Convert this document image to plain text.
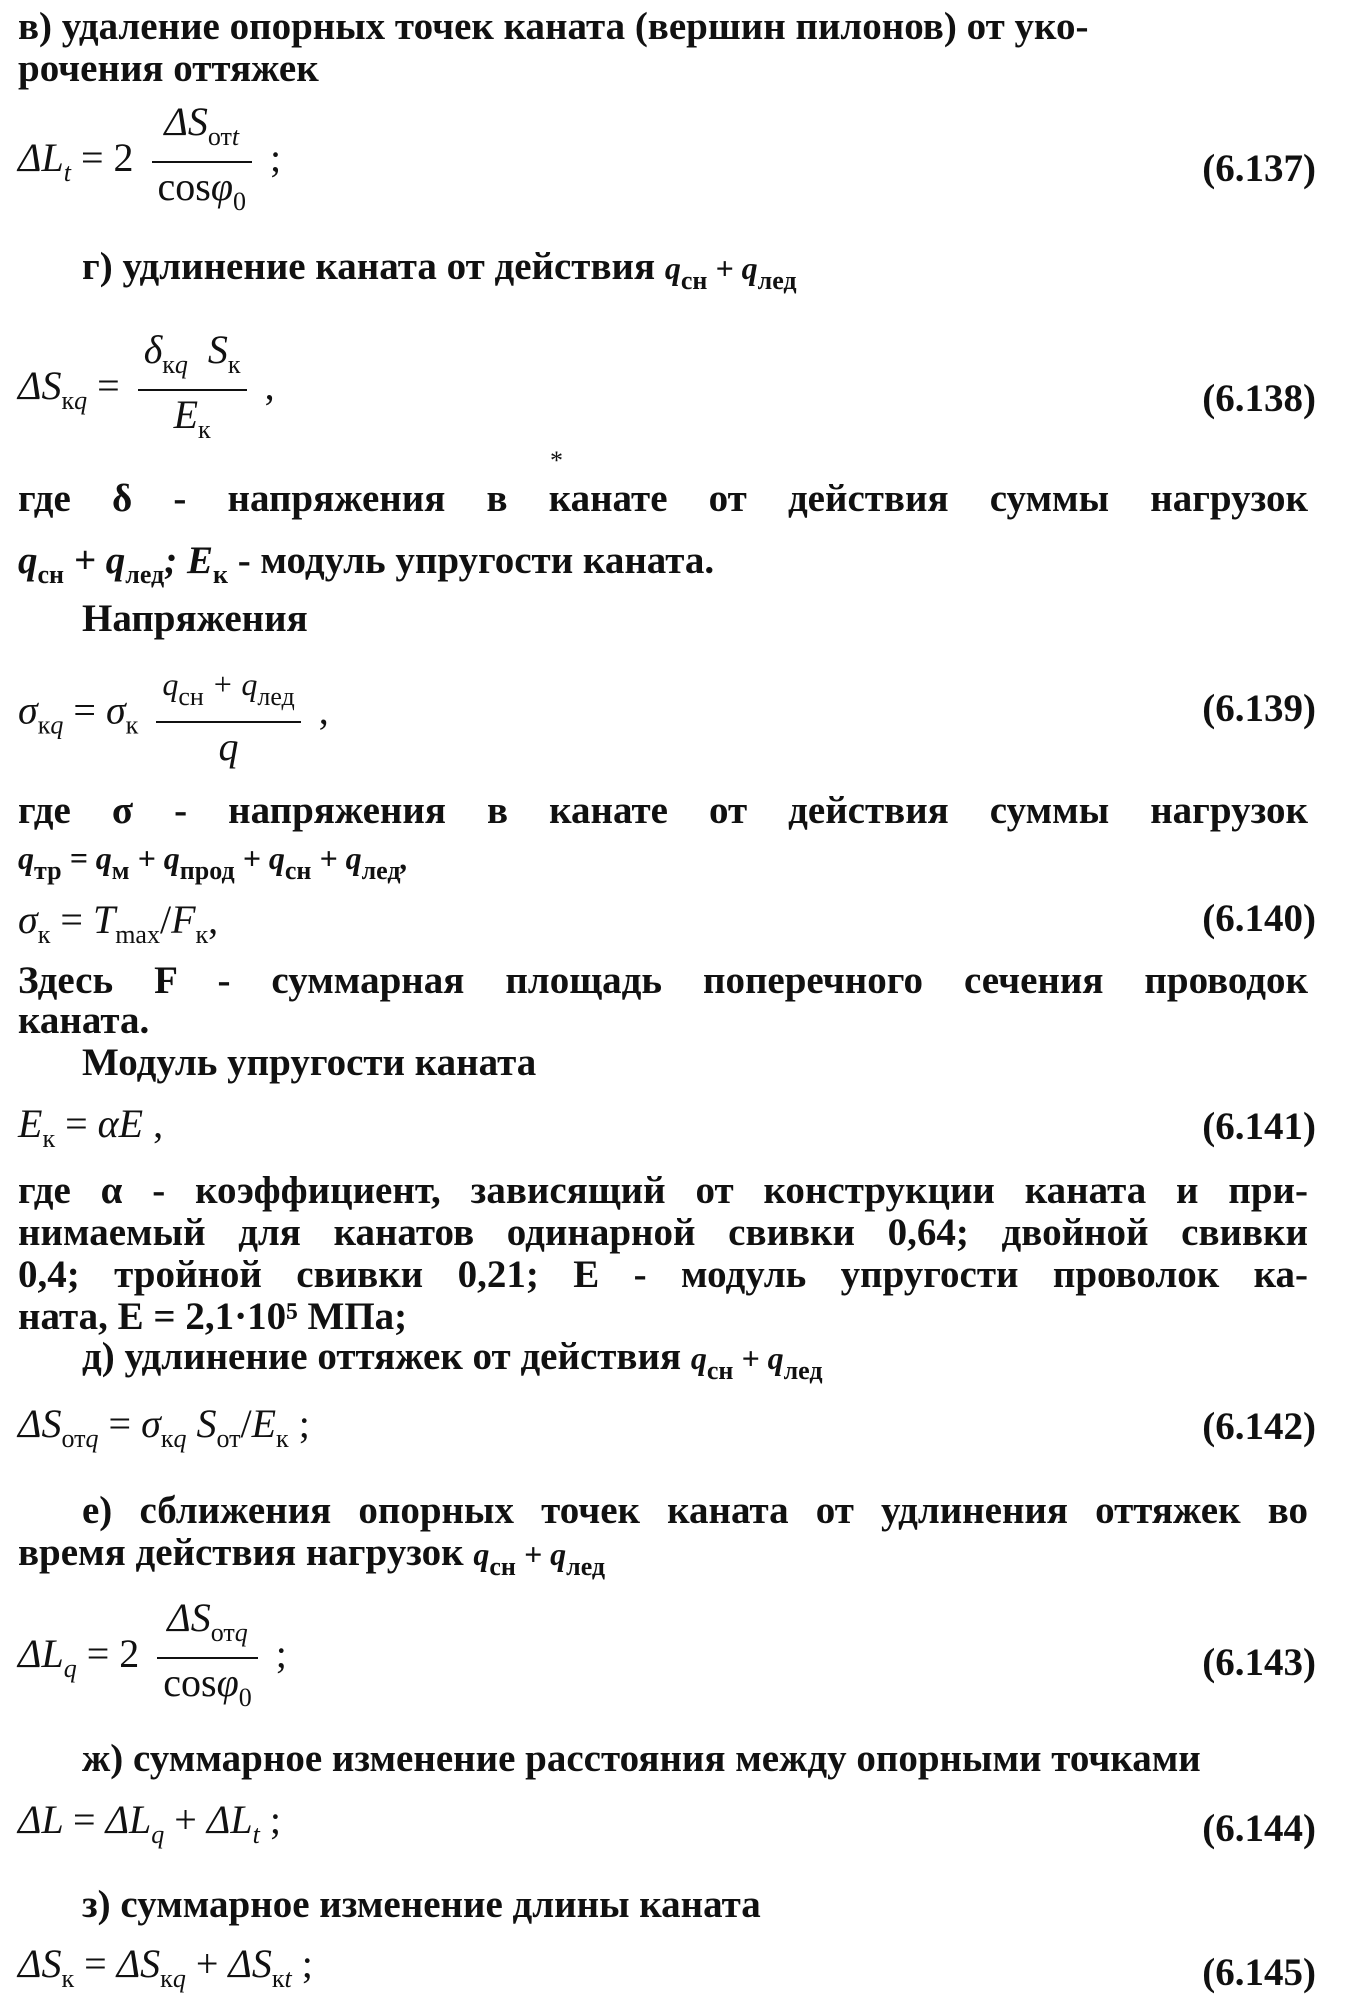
в) удаление опорных точек каната (вершин пилонов) от уко-
рочения оттяжек
$\Delta L_t = 2 \frac{\Delta S_{отt}}{\cos\varphi_0}$ ;	(6.137)
г) удлинение каната от действия $q_{сн} + q_{лед}$
$\Delta S_{кq} = \frac{\delta_{кq} S_к}{E_к}$ ,	(6.138)
*
где δ - напряжения в канате от действия суммы нагрузок
$q_{сн} + q_{лед}$; $E_к$ - модуль упругости каната.
Напряжения
$\sigma_{кq} = \sigma_к \frac{q_{сн} + q_{лед}}{q}$ ,	(6.139)
где σ - напряжения в канате от действия суммы нагрузок
$q_{тр} = q_м + q_{прод} + q_{сн} + q_{лед}$,
$\sigma_к = T_{max}/F_к$,	(6.140)
Здесь F - суммарная площадь поперечного сечения проводок
каната.
Модуль упругости каната
$E_к = \alpha E$ ,	(6.141)
где α - коэффициент, зависящий от конструкции каната и при-
нимаемый для канатов одинарной свивки 0,64; двойной свивки
0,4; тройной свивки 0,21; E - модуль упругости проволок ка-
ната, E = 2,1·10⁵ МПа;
д) удлинение оттяжек от действия $q_{сн} + q_{лед}$
$\Delta S_{отq} = \sigma_{кq}$ $S_{от}/E_к$ ;	(6.142)
е) сближения опорных точек каната от удлинения оттяжек во
время действия нагрузок $q_{сн} + q_{лед}$
$\Delta L_q = 2 \frac{\Delta S_{отq}}{\cos\varphi_0}$ ;	(6.143)
ж) суммарное изменение расстояния между опорными точками
$\Delta L = \Delta L_q + \Delta L_t$ ;	(6.144)
з) суммарное изменение длины каната
$\Delta S_к = \Delta S_{кq} + \Delta S_{кt}$ ;	(6.145)
